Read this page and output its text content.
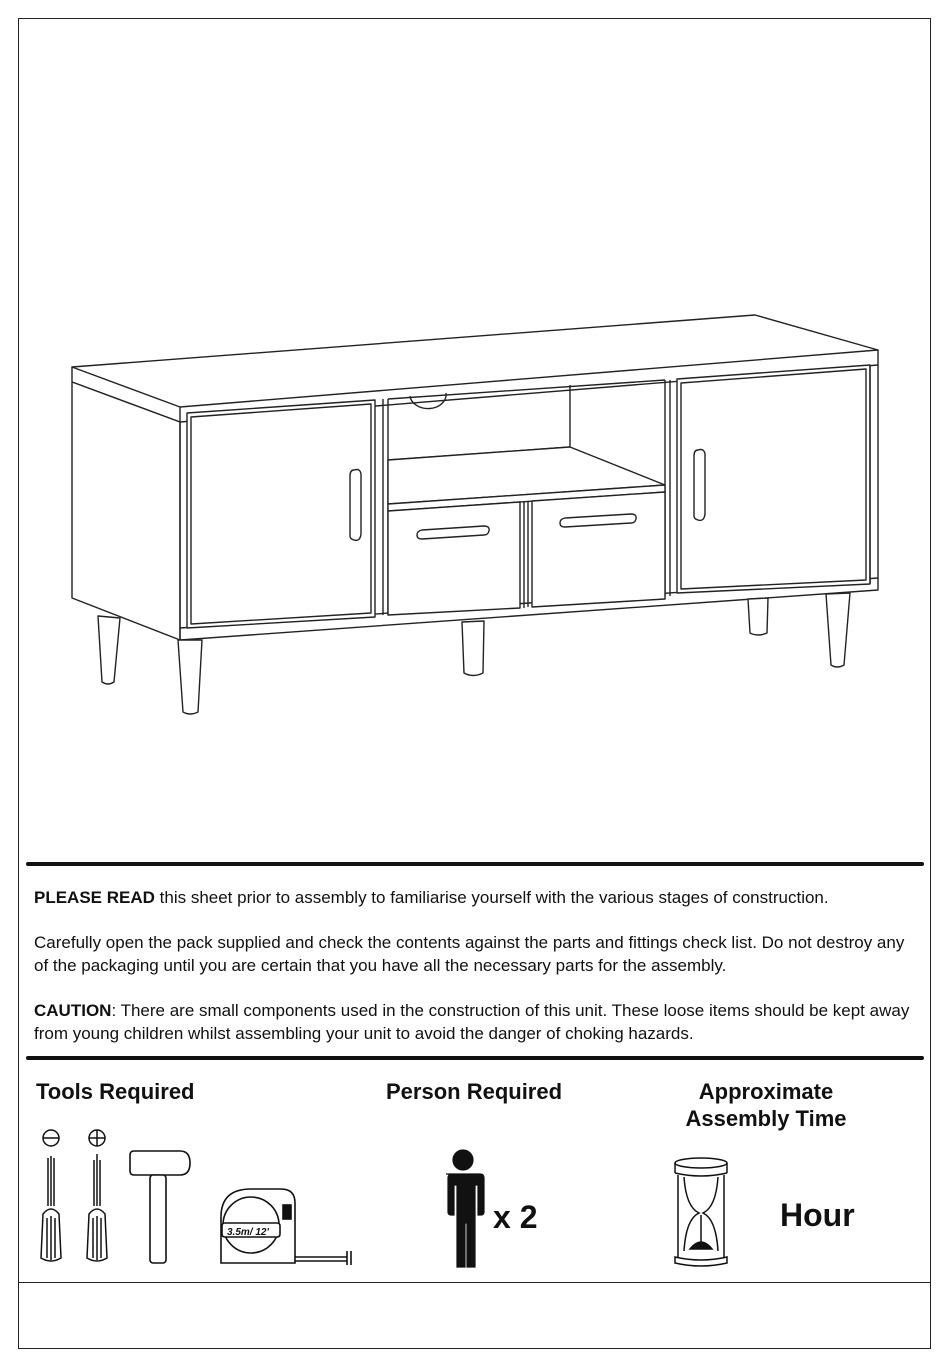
PLEASE READ this sheet prior to assembly to familiarise yourself with the various stages of construction.
Carefully open the pack supplied and check the contents against the parts and fittings check list. Do not destroy any of the packaging until you are certain that you have all the necessary parts for the assembly.
CAUTION: There are small components used in the construction of this unit. These loose items should be kept away from young children whilst assembling your unit to avoid the danger of choking hazards.
Tools Required	Person Required	Approximate
Assembly Time
3.5m/ 12'	x 2	Hour
